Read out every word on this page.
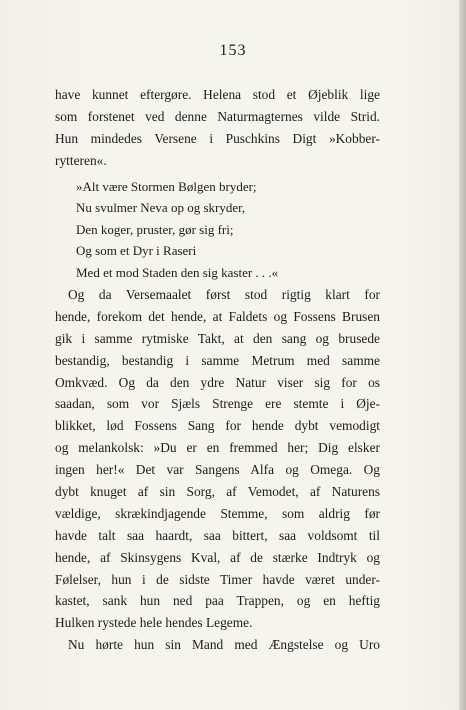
153
have kunnet eftergøre. Helena stod et Øjeblik lige
som forstenet ved denne Naturmagternes vilde Strid.
Hun mindedes Versene i Puschkins Digt »Kobber-
rytteren«.
»Alt være Stormen Bølgen bryder;
Nu svulmer Neva op og skryder,
Den koger, pruster, gør sig fri;
Og som et Dyr i Raseri
Med et mod Staden den sig kaster . . .«
Og da Versemaalet først stod rigtig klart for
hende, forekom det hende, at Faldets og Fossens Brusen
gik i samme rytmiske Takt, at den sang og brusede
bestandig, bestandig i samme Metrum med samme
Omkvæd. Og da den ydre Natur viser sig for os
saadan, som vor Sjæls Strenge ere stemte i Øje-
blikket, lød Fossens Sang for hende dybt vemodigt
og melankolsk: »Du er en fremmed her; Dig elsker
ingen her!« Det var Sangens Alfa og Omega. Og
dybt knuget af sin Sorg, af Vemodet, af Naturens
vældige, skrækindjagende Stemme, som aldrig før
havde talt saa haardt, saa bittert, saa voldsomt til
hende, af Skinsygens Kval, af de stærke Indtryk og
Følelser, hun i de sidste Timer havde været under-
kastet, sank hun ned paa Trappen, og en heftig
Hulken rystede hele hendes Legeme.
Nu hørte hun sin Mand med Ængstelse og Uro
